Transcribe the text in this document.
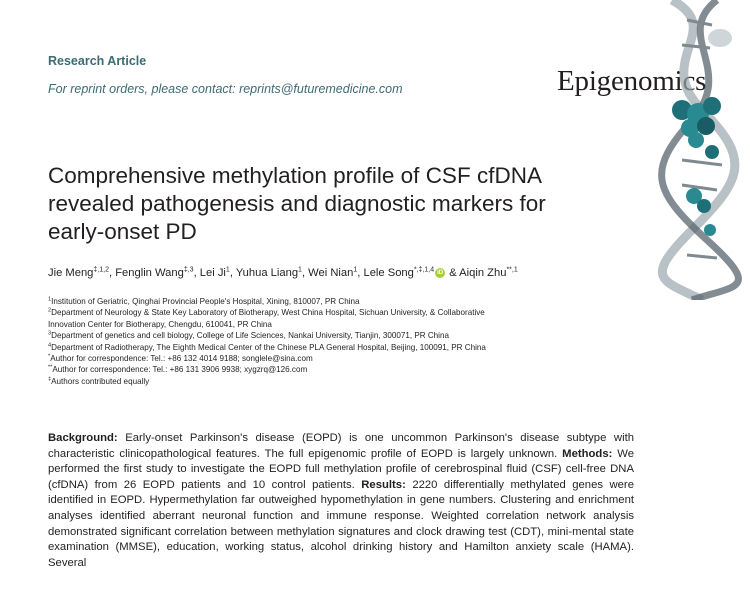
Research Article
For reprint orders, please contact: reprints@futuremedicine.com	Epigenomics
Comprehensive methylation profile of CSF cfDNA revealed pathogenesis and diagnostic markers for early-onset PD
Jie Meng$^{\ddagger,1,2}$, Fenglin Wang$^{\ddagger,3}$, Lei Ji$^1$, Yuhua Liang$^1$, Wei Nian$^1$, Lele Song$^{*,\ddagger,1,4}$ iD & Aiqin Zhu$^{**,1}$
$^1$Institution of Geriatric, Qinghai Provincial People's Hospital, Xining, 810007, PR China
$^2$Department of Neurology & State Key Laboratory of Biotherapy, West China Hospital, Sichuan University, & Collaborative
Innovation Center for Biotherapy, Chengdu, 610041, PR China
$^3$Department of genetics and cell biology, College of Life Sciences, Nankai University, Tianjin, 300071, PR China
$^4$Department of Radiotherapy, The Eighth Medical Center of the Chinese PLA General Hospital, Beijing, 100091, PR China
*Author for correspondence: Tel.: +86 132 4014 9188; songlele@sina.com
**Author for correspondence: Tel.: +86 131 3906 9938; xygzrq@126.com
‡Authors contributed equally
Background: Early-onset Parkinson's disease (EOPD) is one uncommon Parkinson's disease subtype with characteristic clinicopathological features. The full epigenomic profile of EOPD is largely unknown. Methods: We performed the first study to investigate the EOPD full methylation profile of cerebrospinal fluid (CSF) cell-free DNA (cfDNA) from 26 EOPD patients and 10 control patients. Results: 2220 differentially methylated genes were identified in EOPD. Hypermethylation far outweighed hypomethylation in gene numbers. Clustering and enrichment analyses identified aberrant neuronal function and immune response. Weighted correlation network analysis demonstrated significant correlation between methylation signatures and clock drawing test (CDT), mini-mental state examination (MMSE), education, working status, alcohol drinking history and Hamilton anxiety scale (HAMA). Several
